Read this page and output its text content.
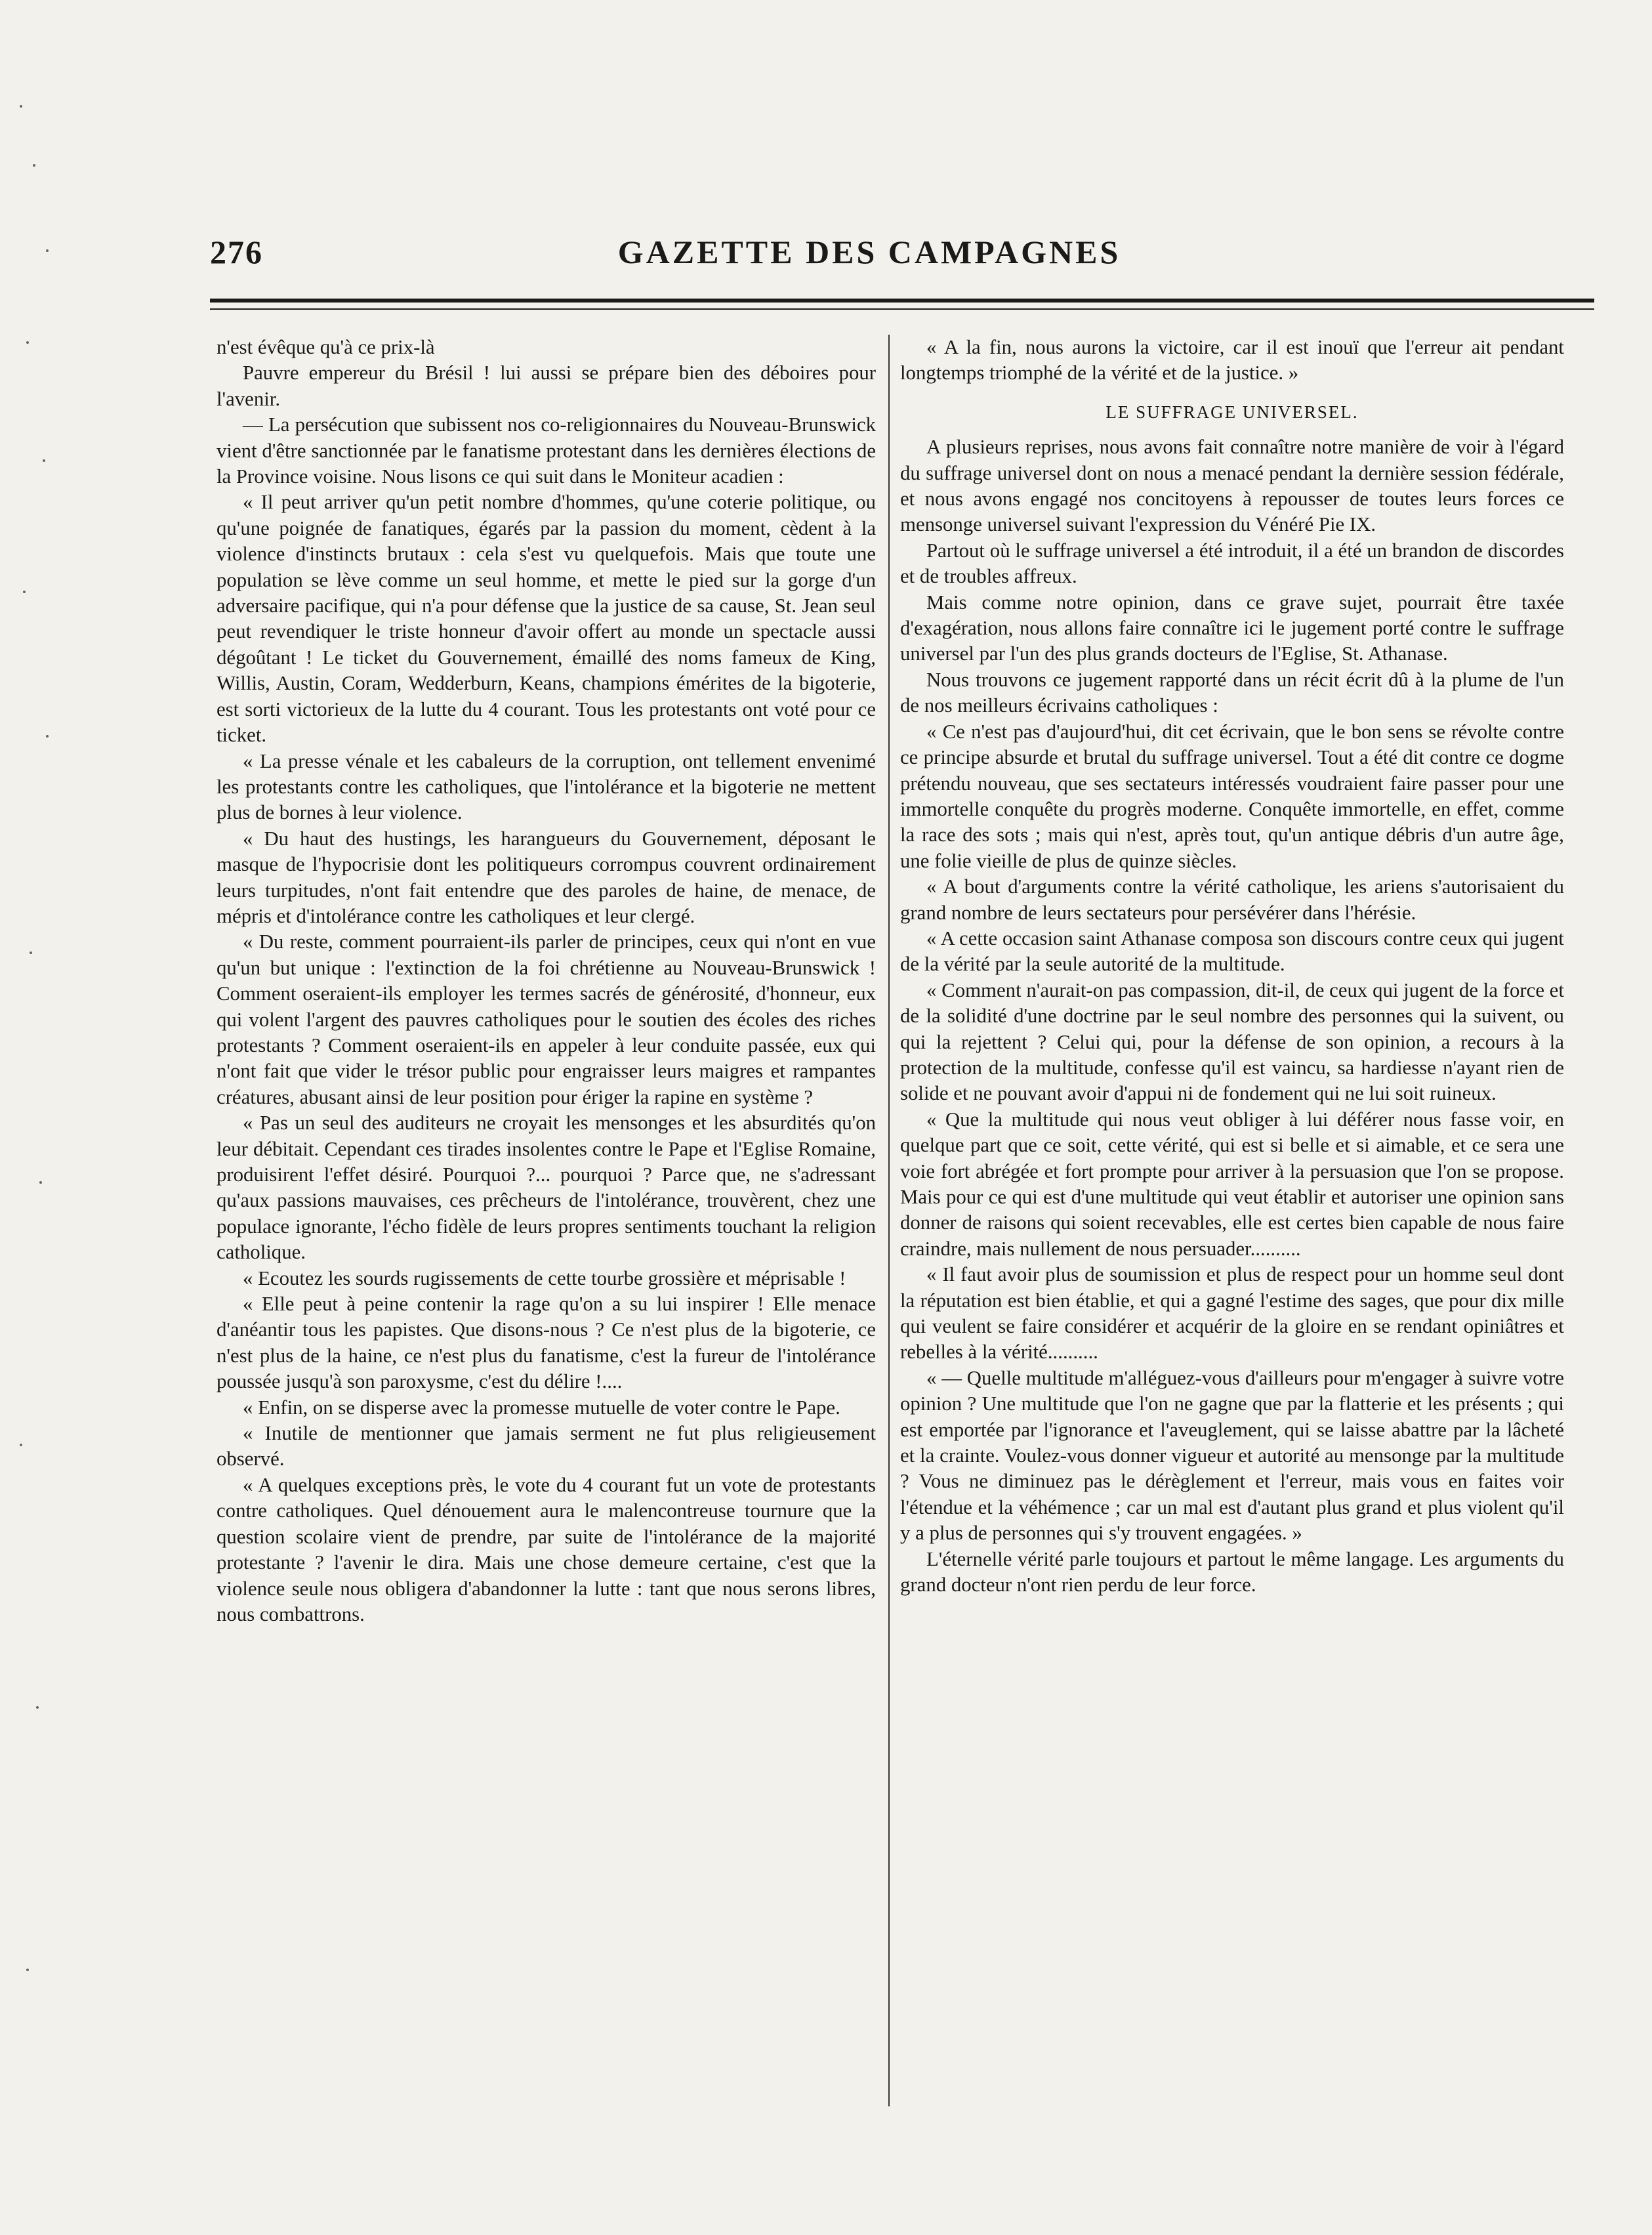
276	GAZETTE DES CAMPAGNES

n'est évêque qu'à ce prix-là

Pauvre empereur du Brésil ! lui aussi se prépare bien des déboires pour l'avenir.

— La persécution que subissent nos co-religionnaires du Nouveau-Brunswick vient d'être sanctionnée par le fanatisme protestant dans les dernières élections de la Province voisine. Nous lisons ce qui suit dans le Moniteur acadien :

« Il peut arriver qu'un petit nombre d'hommes, qu'une coterie politique, ou qu'une poignée de fanatiques, égarés par la passion du moment, cèdent à la violence d'instincts brutaux : cela s'est vu quelquefois. Mais que toute une population se lève comme un seul homme, et mette le pied sur la gorge d'un adversaire pacifique, qui n'a pour défense que la justice de sa cause, St. Jean seul peut revendiquer le triste honneur d'avoir offert au monde un spectacle aussi dégoûtant ! Le ticket du Gouvernement, émaillé des noms fameux de King, Willis, Austin, Coram, Wedderburn, Keans, champions émérites de la bigoterie, est sorti victorieux de la lutte du 4 courant. Tous les protestants ont voté pour ce ticket.

« La presse vénale et les cabaleurs de la corruption, ont tellement envenimé les protestants contre les catholiques, que l'intolérance et la bigoterie ne mettent plus de bornes à leur violence.

« Du haut des hustings, les harangueurs du Gouvernement, déposant le masque de l'hypocrisie dont les politiqueurs corrompus couvrent ordinairement leurs turpitudes, n'ont fait entendre que des paroles de haine, de menace, de mépris et d'intolérance contre les catholiques et leur clergé.

« Du reste, comment pourraient-ils parler de principes, ceux qui n'ont en vue qu'un but unique : l'extinction de la foi chrétienne au Nouveau-Brunswick ! Comment oseraient-ils employer les termes sacrés de générosité, d'honneur, eux qui volent l'argent des pauvres catholiques pour le soutien des écoles des riches protestants ? Comment oseraient-ils en appeler à leur conduite passée, eux qui n'ont fait que vider le trésor public pour engraisser leurs maigres et rampantes créatures, abusant ainsi de leur position pour ériger la rapine en système ?

« Pas un seul des auditeurs ne croyait les mensonges et les absurdités qu'on leur débitait. Cependant ces tirades insolentes contre le Pape et l'Eglise Romaine, produisirent l'effet désiré. Pourquoi ?... pourquoi ? Parce que, ne s'adressant qu'aux passions mauvaises, ces prêcheurs de l'intolérance, trouvèrent, chez une populace ignorante, l'écho fidèle de leurs propres sentiments touchant la religion catholique.

« Ecoutez les sourds rugissements de cette tourbe grossière et méprisable !

« Elle peut à peine contenir la rage qu'on a su lui inspirer ! Elle menace d'anéantir tous les papistes. Que disons-nous ? Ce n'est plus de la bigoterie, ce n'est plus de la haine, ce n'est plus du fanatisme, c'est la fureur de l'intolérance poussée jusqu'à son paroxysme, c'est du délire !....

« Enfin, on se disperse avec la promesse mutuelle de voter contre le Pape.

« Inutile de mentionner que jamais serment ne fut plus religieusement observé.

« A quelques exceptions près, le vote du 4 courant fut un vote de protestants contre catholiques. Quel dénouement aura le malencontreuse tournure que la question scolaire vient de prendre, par suite de l'intolérance de la majorité protestante ? l'avenir le dira. Mais une chose demeure certaine, c'est que la violence seule nous obligera d'abandonner la lutte : tant que nous serons libres, nous combattrons.

« A la fin, nous aurons la victoire, car il est inouï que l'erreur ait pendant longtemps triomphé de la vérité et de la justice. »

LE SUFFRAGE UNIVERSEL.

A plusieurs reprises, nous avons fait connaître notre manière de voir à l'égard du suffrage universel dont on nous a menacé pendant la dernière session fédérale, et nous avons engagé nos concitoyens à repousser de toutes leurs forces ce mensonge universel suivant l'expression du Vénéré Pie IX.

Partout où le suffrage universel a été introduit, il a été un brandon de discordes et de troubles affreux.

Mais comme notre opinion, dans ce grave sujet, pourrait être taxée d'exagération, nous allons faire connaître ici le jugement porté contre le suffrage universel par l'un des plus grands docteurs de l'Eglise, St. Athanase.

Nous trouvons ce jugement rapporté dans un récit écrit dû à la plume de l'un de nos meilleurs écrivains catholiques :

« Ce n'est pas d'aujourd'hui, dit cet écrivain, que le bon sens se révolte contre ce principe absurde et brutal du suffrage universel. Tout a été dit contre ce dogme prétendu nouveau, que ses sectateurs intéressés voudraient faire passer pour une immortelle conquête du progrès moderne. Conquête immortelle, en effet, comme la race des sots ; mais qui n'est, après tout, qu'un antique débris d'un autre âge, une folie vieille de plus de quinze siècles.

« A bout d'arguments contre la vérité catholique, les ariens s'autorisaient du grand nombre de leurs sectateurs pour persévérer dans l'hérésie.

« A cette occasion saint Athanase composa son discours contre ceux qui jugent de la vérité par la seule autorité de la multitude.

« Comment n'aurait-on pas compassion, dit-il, de ceux qui jugent de la force et de la solidité d'une doctrine par le seul nombre des personnes qui la suivent, ou qui la rejettent ? Celui qui, pour la défense de son opinion, a recours à la protection de la multitude, confesse qu'il est vaincu, sa hardiesse n'ayant rien de solide et ne pouvant avoir d'appui ni de fondement qui ne lui soit ruineux.

« Que la multitude qui nous veut obliger à lui déférer nous fasse voir, en quelque part que ce soit, cette vérité, qui est si belle et si aimable, et ce sera une voie fort abrégée et fort prompte pour arriver à la persuasion que l'on se propose. Mais pour ce qui est d'une multitude qui veut établir et autoriser une opinion sans donner de raisons qui soient recevables, elle est certes bien capable de nous faire craindre, mais nullement de nous persuader..........

« Il faut avoir plus de soumission et plus de respect pour un homme seul dont la réputation est bien établie, et qui a gagné l'estime des sages, que pour dix mille qui veulent se faire considérer et acquérir de la gloire en se rendant opiniâtres et rebelles à la vérité..........

« — Quelle multitude m'alléguez-vous d'ailleurs pour m'engager à suivre votre opinion ? Une multitude que l'on ne gagne que par la flatterie et les présents ; qui est emportée par l'ignorance et l'aveuglement, qui se laisse abattre par la lâcheté et la crainte. Voulez-vous donner vigueur et autorité au mensonge par la multitude ? Vous ne diminuez pas le dérèglement et l'erreur, mais vous en faites voir l'étendue et la véhémence ; car un mal est d'autant plus grand et plus violent qu'il y a plus de personnes qui s'y trouvent engagées. »

L'éternelle vérité parle toujours et partout le même langage. Les arguments du grand docteur n'ont rien perdu de leur force.
